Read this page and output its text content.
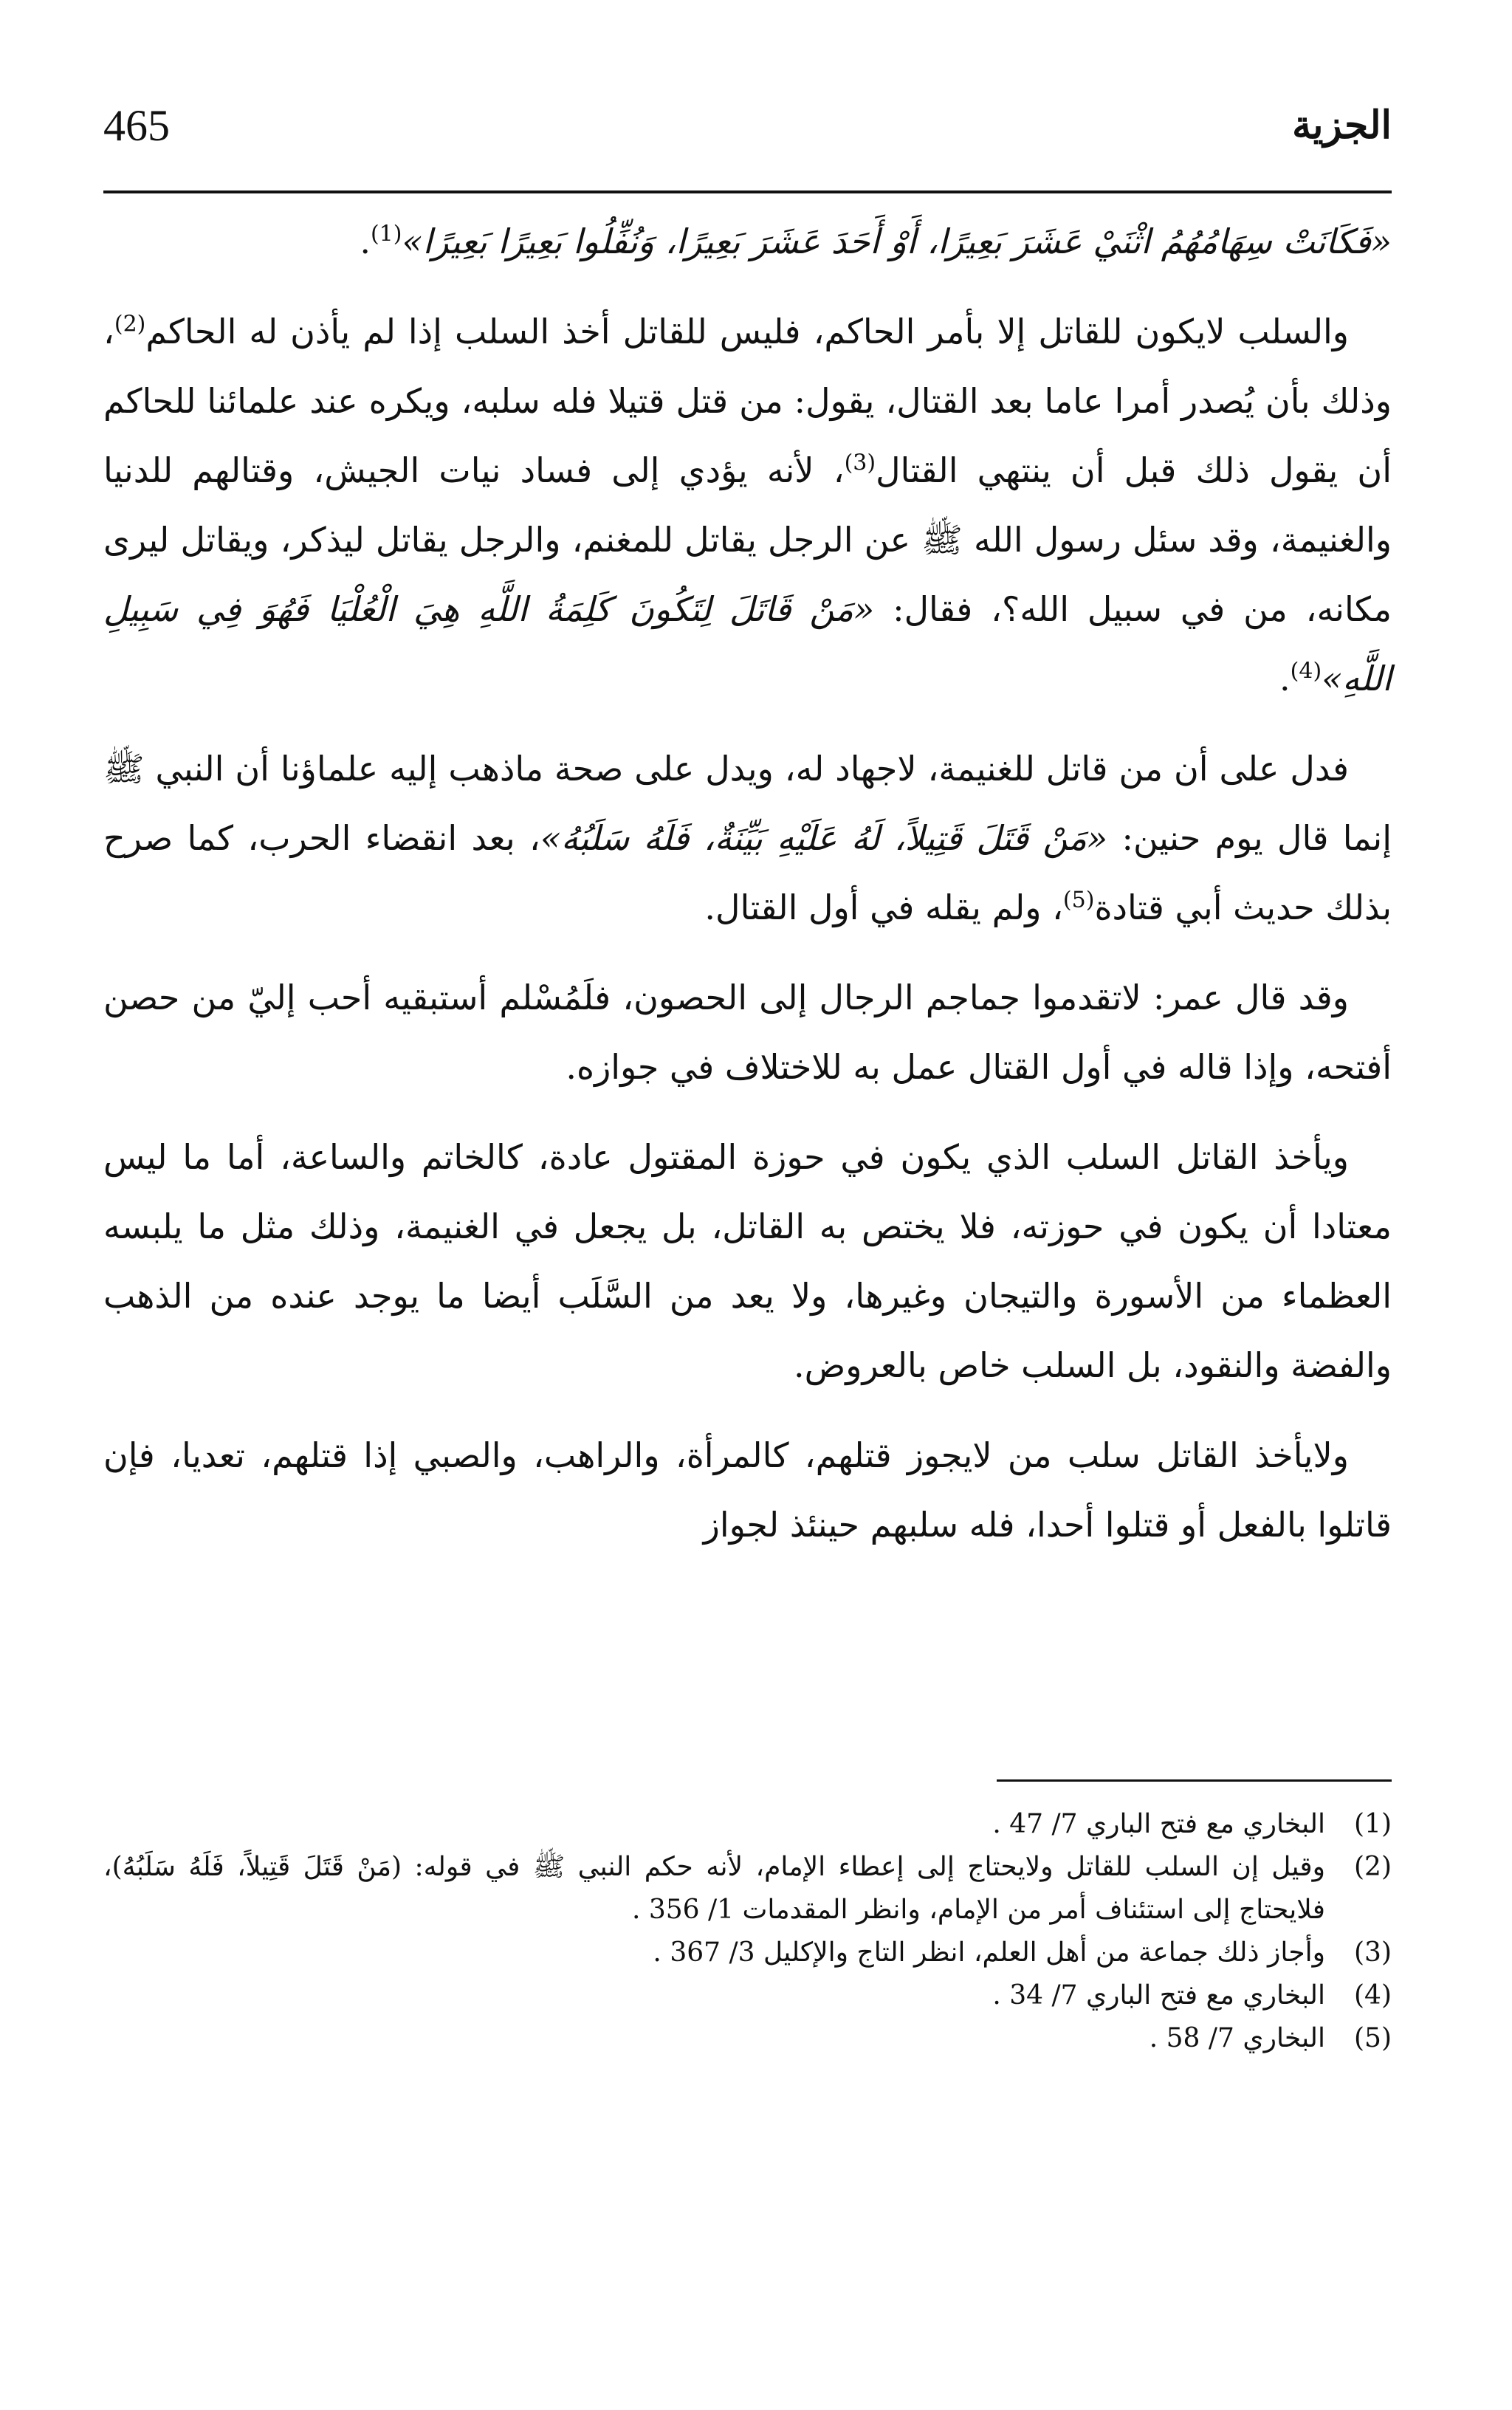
465	الجزية

«فَكَانَتْ سِهَامُهُمُ اثْنَيْ عَشَرَ بَعِيرًا، أَوْ أَحَدَ عَشَرَ بَعِيرًا، وَنُفِّلُوا بَعِيرًا بَعِيرًا»$^{(1)}$.

والسلب لايكون للقاتل إلا بأمر الحاكم، فليس للقاتل أخذ السلب إذا لم يأذن له الحاكم$^{(2)}$، وذلك بأن يُصدر أمرا عاما بعد القتال، يقول: من قتل قتيلا فله سلبه، ويكره عند علمائنا للحاكم أن يقول ذلك قبل أن ينتهي القتال$^{(3)}$، لأنه يؤدي إلى فساد نيات الجيش، وقتالهم للدنيا والغنيمة، وقد سئل رسول الله ﷺ عن الرجل يقاتل للمغنم، والرجل يقاتل ليذكر، ويقاتل ليرى مكانه، من في سبيل الله؟، فقال: «مَنْ قَاتَلَ لِتَكُونَ كَلِمَةُ اللَّهِ هِيَ الْعُلْيَا فَهُوَ فِي سَبِيلِ اللَّهِ»$^{(4)}$.

فدل على أن من قاتل للغنيمة، لاجهاد له، ويدل على صحة ماذهب إليه علماؤنا أن النبي ﷺ إنما قال يوم حنين: «مَنْ قَتَلَ قَتِيلاً، لَهُ عَلَيْهِ بَيِّنَةٌ، فَلَهُ سَلَبُهُ»، بعد انقضاء الحرب، كما صرح بذلك حديث أبي قتادة$^{(5)}$، ولم يقله في أول القتال.

وقد قال عمر: لاتقدموا جماجم الرجال إلى الحصون، فلَمُسْلم أستبقيه أحب إليّ من حصن أفتحه، وإذا قاله في أول القتال عمل به للاختلاف في جوازه.

ويأخذ القاتل السلب الذي يكون في حوزة المقتول عادة، كالخاتم والساعة، أما ما ليس معتادا أن يكون في حوزته، فلا يختص به القاتل، بل يجعل في الغنيمة، وذلك مثل ما يلبسه العظماء من الأسورة والتيجان وغيرها، ولا يعد من السَّلَب أيضا ما يوجد عنده من الذهب والفضة والنقود، بل السلب خاص بالعروض.

ولايأخذ القاتل سلب من لايجوز قتلهم، كالمرأة، والراهب، والصبي إذا قتلهم، تعديا، فإن قاتلوا بالفعل أو قتلوا أحدا، فله سلبهم حينئذ لجواز

(1)
البخاري مع فتح الباري 7/ 47 .
(2)
وقيل إن السلب للقاتل ولايحتاج إلى إعطاء الإمام، لأنه حكم النبي ﷺ في قوله: (مَنْ قَتَلَ قَتِيلاً، فَلَهُ سَلَبُهُ)، فلايحتاج إلى استئناف أمر من الإمام، وانظر المقدمات 1/ 356 .
(3)
وأجاز ذلك جماعة من أهل العلم، انظر التاج والإكليل 3/ 367 .
(4)
البخاري مع فتح الباري 7/ 34 .
(5)
البخاري 7/ 58 .
